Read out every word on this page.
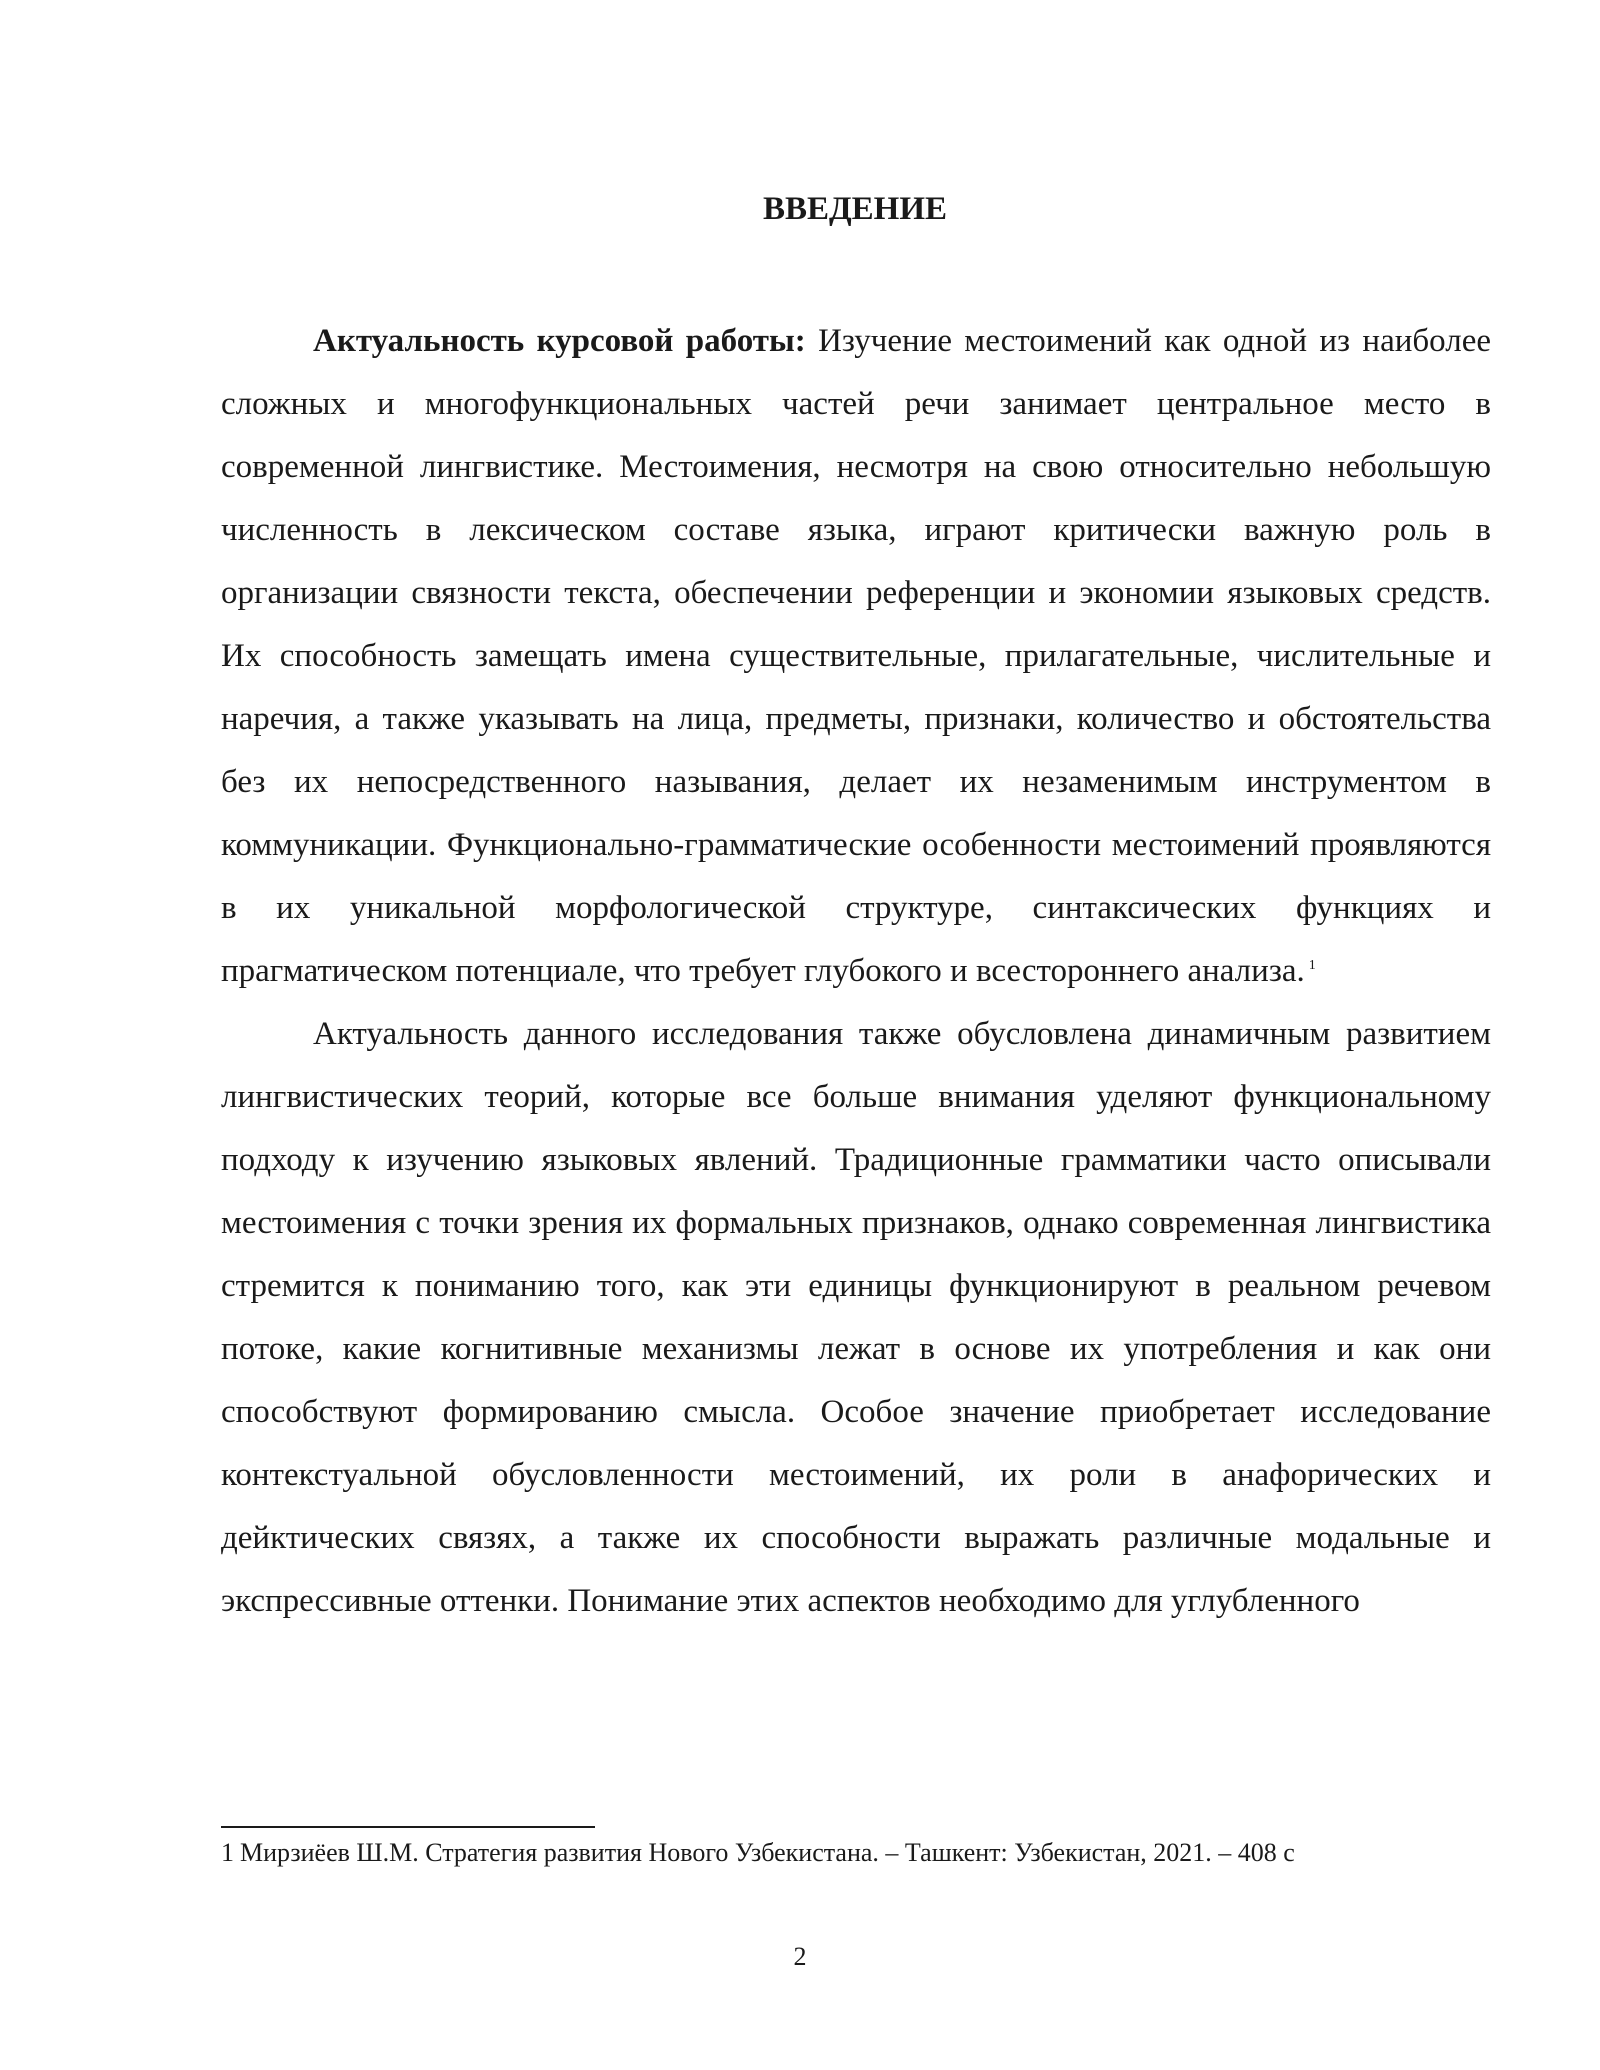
ВВЕДЕНИЕ

Актуальность курсовой работы: Изучение местоимений как одной из наиболее сложных и многофункциональных частей речи занимает центральное место в современной лингвистике. Местоимения, несмотря на свою относительно небольшую численность в лексическом составе языка, играют критически важную роль в организации связности текста, обеспечении референции и экономии языковых средств. Их способность замещать имена существительные, прилагательные, числительные и наречия, а также указывать на лица, предметы, признаки, количество и обстоятельства без их непосредственного называния, делает их незаменимым инструментом в коммуникации. Функционально-грамматические особенности местоимений проявляются в их уникальной морфологической структуре, синтаксических функциях и прагматическом потенциале, что требует глубокого и всестороннего анализа. $^1$

Актуальность данного исследования также обусловлена динамичным развитием лингвистических теорий, которые все больше внимания уделяют функциональному подходу к изучению языковых явлений. Традиционные грамматики часто описывали местоимения с точки зрения их формальных признаков, однако современная лингвистика стремится к пониманию того, как эти единицы функционируют в реальном речевом потоке, какие когнитивные механизмы лежат в основе их употребления и как они способствуют формированию смысла. Особое значение приобретает исследование контекстуальной обусловленности местоимений, их роли в анафорических и дейктических связях, а также их способности выражать различные модальные и экспрессивные оттенки. Понимание этих аспектов необходимо для углубленного

1 Мирзиёев Ш.М. Стратегия развития Нового Узбекистана. – Ташкент: Узбекистан, 2021. – 408 с

2
